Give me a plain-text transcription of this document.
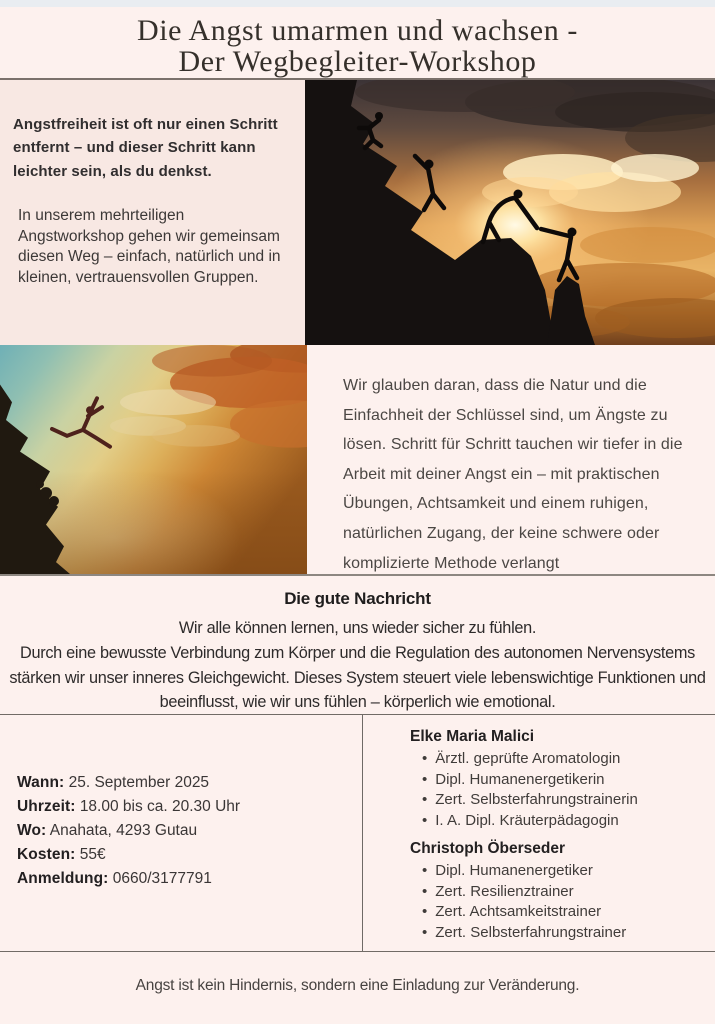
Die Angst umarmen und wachsen -
Der Wegbegleiter-Workshop

Angstfreiheit ist oft nur einen Schritt entfernt – und dieser Schritt kann leichter sein, als du denkst.

In unserem mehrteiligen Angstworkshop gehen wir gemeinsam diesen Weg – einfach, natürlich und in kleinen, vertrauensvollen Gruppen.

Wir glauben daran, dass die Natur und die Einfachheit der Schlüssel sind, um Ängste zu lösen. Schritt für Schritt tauchen wir tiefer in die Arbeit mit deiner Angst ein – mit praktischen Übungen, Achtsamkeit und einem ruhigen, natürlichen Zugang, der keine schwere oder komplizierte Methode verlangt

Die gute Nachricht

Wir alle können lernen, uns wieder sicher zu fühlen.

Durch eine bewusste Verbindung zum Körper und die Regulation des autonomen Nervensystems stärken wir unser inneres Gleichgewicht. Dieses System steuert viele lebenswichtige Funktionen und beeinflusst, wie wir uns fühlen – körperlich wie emotional.

Wann: 25. September 2025
Uhrzeit: 18.00 bis ca. 20.30 Uhr
Wo: Anahata, 4293 Gutau
Kosten: 55€
Anmeldung: 0660/3177791

Elke Maria Malici

• Ärztl. geprüfte Aromatologin
• Dipl. Humanenergetikerin
• Zert. Selbsterfahrungstrainerin
• I. A. Dipl. Kräuterpädagogin

Christoph Öberseder

• Dipl. Humanenergetiker
• Zert. Resilienztrainer
• Zert. Achtsamkeitstrainer
• Zert. Selbsterfahrungstrainer

Angst ist kein Hindernis, sondern eine Einladung zur Veränderung.
